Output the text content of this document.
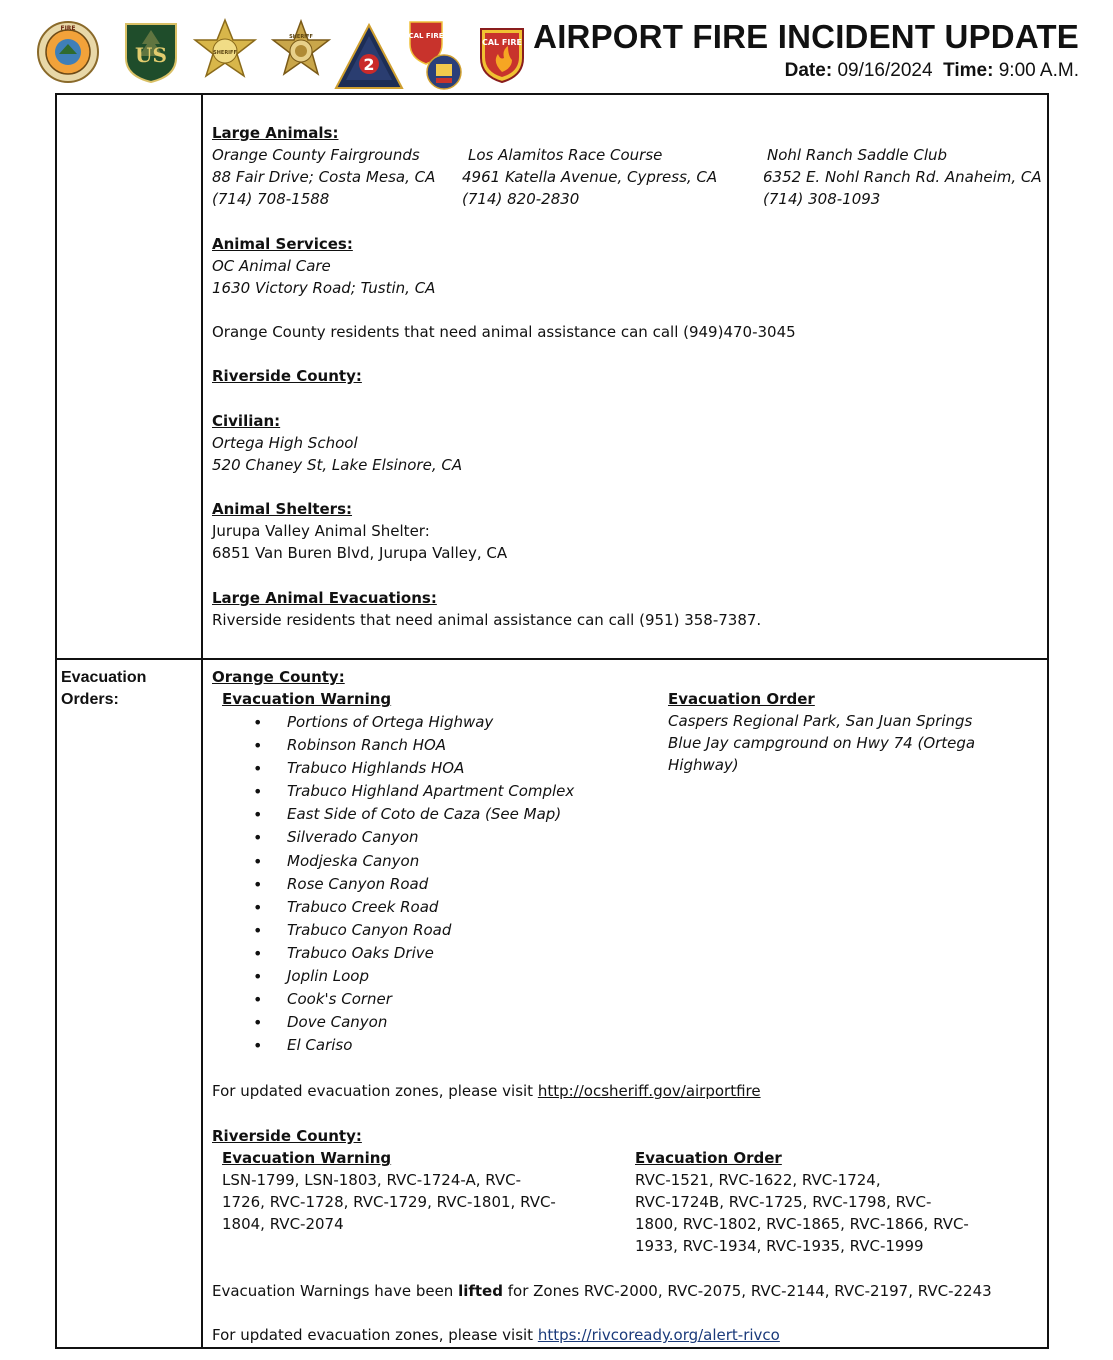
FIRE
US	SHERIFF
SHERIFF
2
CAL FIRE
CAL FIRE AIRPORT FIRE INCIDENT UPDATE
Date: 09/16/2024 Time: 9:00 A.M.
Evacuation Orders:
Large Animals:
Orange County Fairgrounds
88 Fair Drive; Costa Mesa, CA
(714) 708-1588
Los Alamitos Race Course
4961 Katella Avenue, Cypress, CA
(714) 820-2830
Nohl Ranch Saddle Club
6352 E. Nohl Ranch Rd. Anaheim, CA
(714) 308-1093
Animal Services:
OC Animal Care
1630 Victory Road; Tustin, CA
Orange County residents that need animal assistance can call (949)470-3045
Riverside County:
Civilian:
Ortega High School
520 Chaney St, Lake Elsinore, CA
Animal Shelters:
Jurupa Valley Animal Shelter:
6851 Van Buren Blvd, Jurupa Valley, CA
Large Animal Evacuations:
Riverside residents that need animal assistance can call (951) 358-7387.
Orange County:
Evacuation Warning
• Portions of Ortega Highway
• Robinson Ranch HOA
• Trabuco Highlands HOA
• Trabuco Highland Apartment Complex
• East Side of Coto de Caza (See Map)
• Silverado Canyon
• Modjeska Canyon
• Rose Canyon Road
• Trabuco Creek Road
• Trabuco Canyon Road
• Trabuco Oaks Drive
• Joplin Loop
• Cook's Corner
• Dove Canyon
• El Cariso
Evacuation Order
Caspers Regional Park, San Juan Springs
Blue Jay campground on Hwy 74 (Ortega
Highway)
For updated evacuation zones, please visit http://ocsheriff.gov/airportfire
Riverside County:
Evacuation Warning
LSN-1799, LSN-1803, RVC-1724-A, RVC-
1726, RVC-1728, RVC-1729, RVC-1801, RVC-
1804, RVC-2074
Evacuation Order
RVC-1521, RVC-1622, RVC-1724,
RVC-1724B, RVC-1725, RVC-1798, RVC-
1800, RVC-1802, RVC-1865, RVC-1866, RVC-
1933, RVC-1934, RVC-1935, RVC-1999
Evacuation Warnings have been lifted for Zones RVC-2000, RVC-2075, RVC-2144, RVC-2197, RVC-2243
For updated evacuation zones, please visit https://rivcoready.org/alert-rivco
